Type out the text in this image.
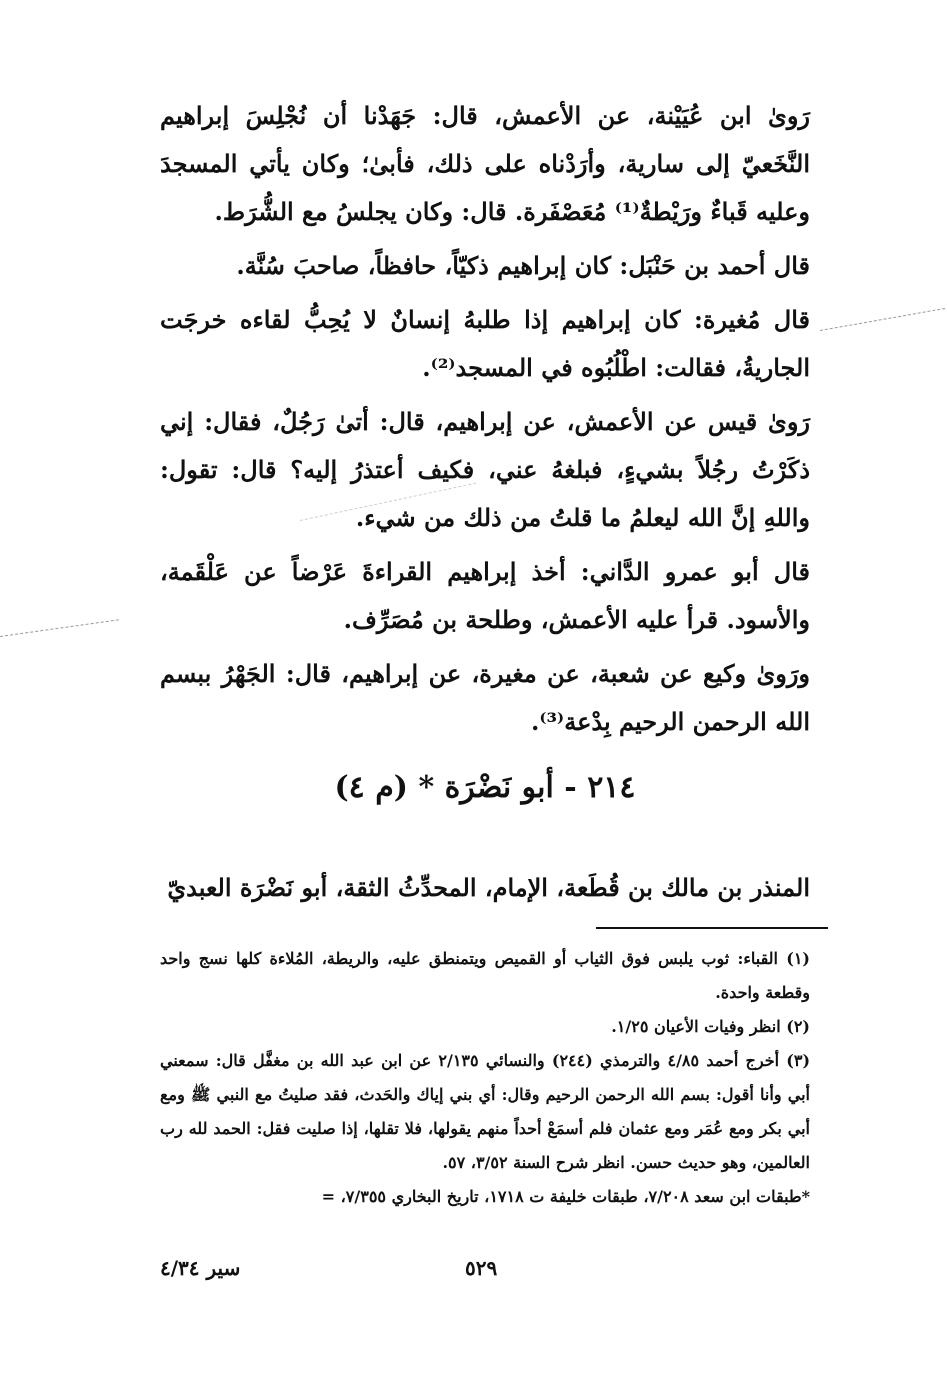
رَوىٰ ابن عُيَيْنة، عن الأعمش، قال: جَهَدْنا أن نُجْلِسَ إبراهيم النَّخَعيّ إلى سارية، وأرَدْناه على ذلك، فأبىٰ؛ وكان يأتي المسجدَ وعليه قَباءٌ ورَيْطةٌ⁽¹⁾ مُعَصْفَرة. قال: وكان يجلسُ مع الشُّرَط.

قال أحمد بن حَنْبَل: كان إبراهيم ذكيّاً، حافظاً، صاحبَ سُنَّة.

قال مُغيرة: كان إبراهيم إذا طلبهُ إنسانٌ لا يُحِبُّ لقاءه خرجَت الجاريةُ، فقالت: اطْلُبُوه في المسجد⁽²⁾.

رَوىٰ قيس عن الأعمش، عن إبراهيم، قال: أتىٰ رَجُلٌ، فقال: إني ذكَرْتُ رجُلاً بشيءٍ، فبلغهُ عني، فكيف أعتذرُ إليه؟ قال: تقول: واللهِ إنَّ الله ليعلمُ ما قلتُ من ذلك من شيء.

قال أبو عمرو الدَّاني: أخذ إبراهيم القراءةَ عَرْضاً عن عَلْقَمة، والأسود. قرأ عليه الأعمش، وطلحة بن مُصَرِّف.

ورَوىٰ وكيع عن شعبة، عن مغيرة، عن إبراهيم، قال: الجَهْرُ ببسم الله الرحمن الرحيم بِدْعة⁽³⁾.

٢١٤ - أبو نَضْرَة * (م ٤)
المنذر بن مالك بن قُطَعة، الإمام، المحدِّثُ الثقة، أبو نَضْرَة العبديّ

(١) القباء: ثوب يلبس فوق الثياب أو القميص ويتمنطق عليه، والريطة، المُلاءة كلها نسج واحد وقطعة واحدة.

(٢) انظر وفيات الأعيان ١/٢٥.

(٣) أخرج أحمد ٤/٨٥ والترمذي (٢٤٤) والنسائي ٢/١٣٥ عن ابن عبد الله بن مغفَّل قال: سمعني أبي وأنا أقول: بسم الله الرحمن الرحيم وقال: أي بني إياك والحَدث، فقد صليتُ مع النبي ﷺ ومع أبي بكر ومع عُمَر ومع عثمان فلم أسمَعْ أحداً منهم يقولها، فلا تقلها، إذا صليت فقل: الحمد لله رب العالمين، وهو حديث حسن. انظر شرح السنة ٣/٥٢، ٥٧.

*طبقات ابن سعد ٧/٢٠٨، طبقات خليفة ت ١٧١٨، تاريخ البخاري ٧/٣٥٥، =

سير ٤/٣٤	٥٢٩
